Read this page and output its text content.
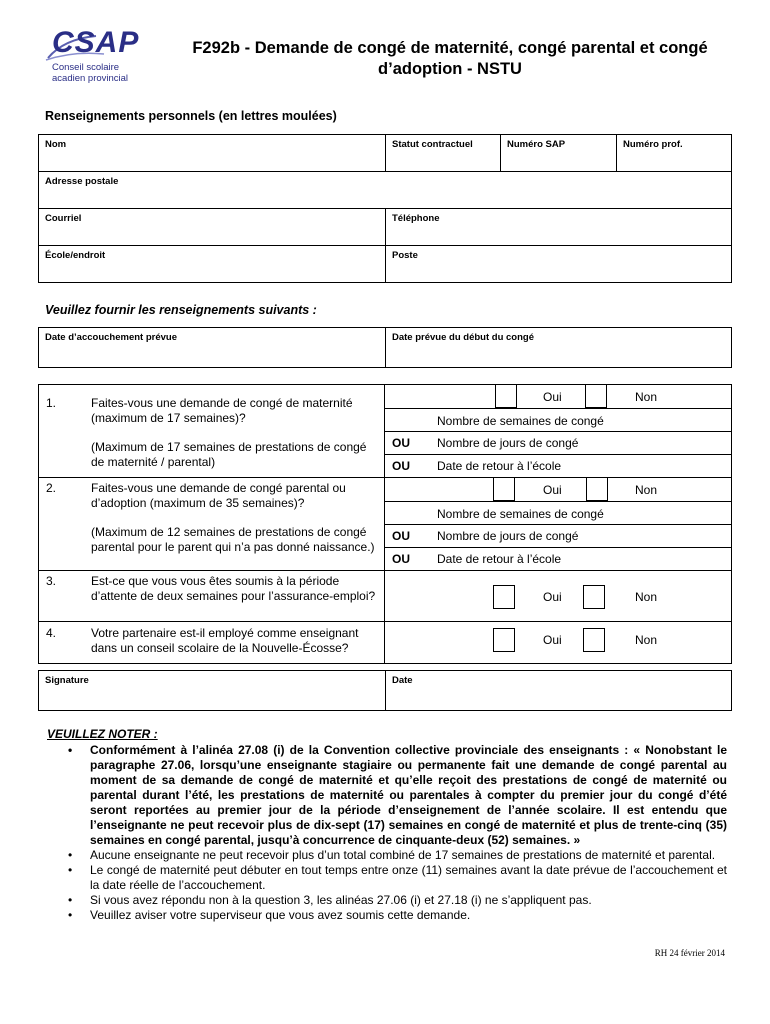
CSAP
Conseil scolaire
acadien provincial
F292b - Demande de congé de maternité, congé parental et congé
d’adoption - NSTU
Renseignements personnels (en lettres moulées)
Nom	Statut contractuel	Numéro SAP	Numéro prof.
Adresse postale			
Courriel	Téléphone		
École/endroit	Poste		
Veuillez fournir les renseignements suivants :
Date d’accouchement prévue	Date prévue du début du congé
1.	Faites-vous une demande de congé de maternité (maximum de 17 semaines)?
(Maximum de 17 semaines de prestations de congé de maternité / parental)
Oui	Non
Nombre de semaines de congé
OU Nombre de jours de congé
OU Date de retour à l’école
2.	Faites-vous une demande de congé parental ou d’adoption (maximum de 35 semaines)?
(Maximum de 12 semaines de prestations de congé parental pour le parent qui n’a pas donné naissance.)
Oui	Non
Nombre de semaines de congé
OU Nombre de jours de congé
OU Date de retour à l’école
3.	Est-ce que vous vous êtes soumis à la période d’attente de deux semaines pour l’assurance-emploi?	Oui	Non
4.	Votre partenaire est-il employé comme enseignant dans un conseil scolaire de la Nouvelle-Écosse?
Oui	Non
Signature	Date
VEUILLEZ NOTER :
• Conformément à l’alinéa 27.08 (i) de la Convention collective provinciale des enseignants : « Nonobstant le paragraphe 27.06, lorsqu’une enseignante stagiaire ou permanente fait une demande de congé parental au moment de sa demande de congé de maternité et qu’elle reçoit des prestations de congé de maternité ou parental durant l’été, les prestations de maternité ou parentales à compter du premier jour du congé d’été seront reportées au premier jour de la période d’enseignement de l’année scolaire. Il est entendu que l’enseignante ne peut recevoir plus de dix-sept (17) semaines en congé de maternité et plus de trente-cinq (35) semaines en congé parental, jusqu’à concurrence de cinquante-deux (52) semaines. »
• Aucune enseignante ne peut recevoir plus d’un total combiné de 17 semaines de prestations de maternité et parental.
• Le congé de maternité peut débuter en tout temps entre onze (11) semaines avant la date prévue de l’accouchement et la date réelle de l’accouchement.
• Si vous avez répondu non à la question 3, les alinéas 27.06 (i) et 27.18 (i) ne s’appliquent pas.
• Veuillez aviser votre superviseur que vous avez soumis cette demande.
RH 24 février 2014
